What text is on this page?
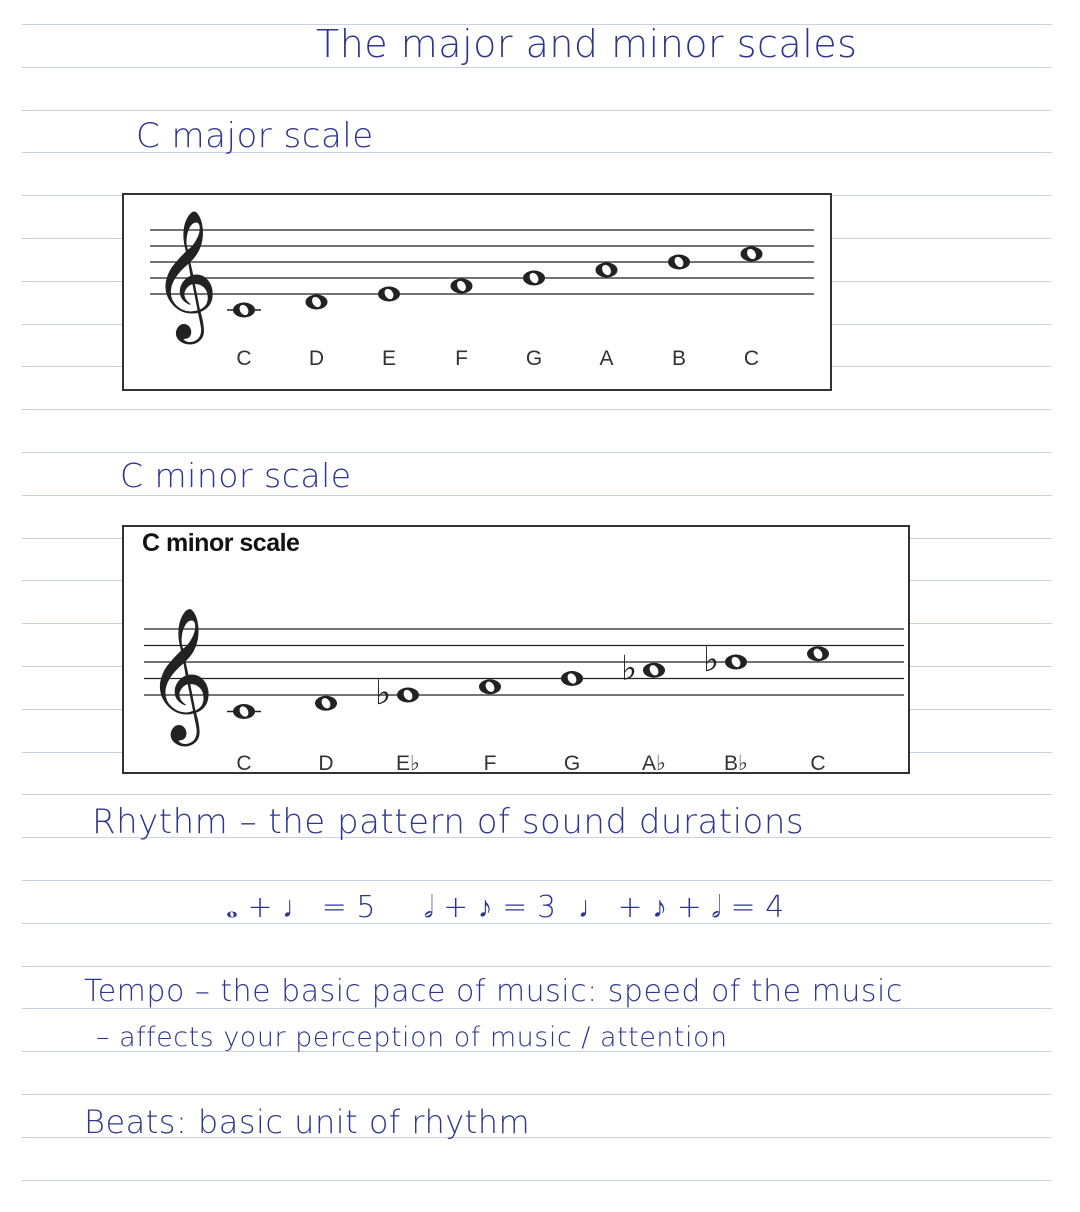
The major and minor scales
C major scale
𝄞
C	D	E	F	G	A	B	C
C minor scale
C minor scale
𝄞
C	D
♭
E♭	F	G
♭
A♭
♭
B♭	C
Rhythm – the pattern of sound durations
𝅝 + ♩ = 5 𝅗𝅥 + ♪ = 3 ♩ + ♪ + 𝅗𝅥 = 4
Tempo – the basic pace of music: speed of the music
– affects your perception of music / attention
Beats: basic unit of rhythm
